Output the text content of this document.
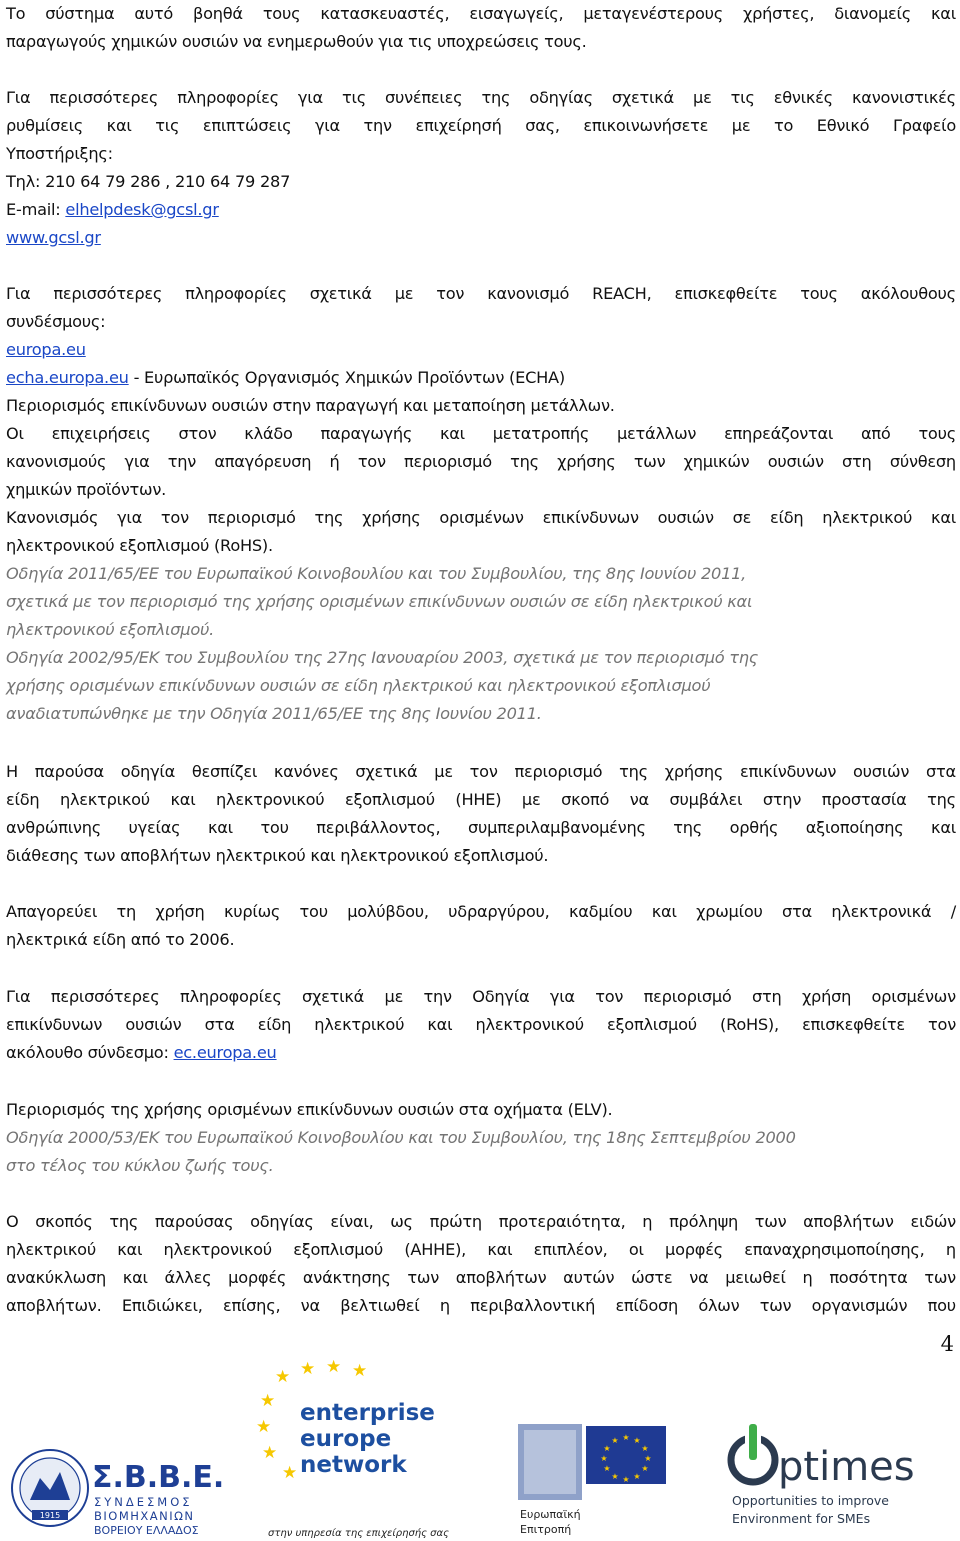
Το σύστημα αυτό βοηθά τους κατασκευαστές, εισαγωγείς, μεταγενέστερους χρήστες, διανομείς και
παραγωγούς χημικών ουσιών να ενημερωθούν για τις υποχρεώσεις τους.
Για περισσότερες πληροφορίες για τις συνέπειες της οδηγίας σχετικά με τις εθνικές κανονιστικές
ρυθμίσεις και τις επιπτώσεις για την επιχείρησή σας, επικοινωνήσετε με το Εθνικό Γραφείο
Υποστήριξης:
Τηλ: 210 64 79 286 , 210 64 79 287
E-mail: elhelpdesk@gcsl.gr
www.gcsl.gr
Για περισσότερες πληροφορίες σχετικά με τον κανονισμό REACH, επισκεφθείτε τους ακόλουθους
συνδέσμους:
europa.eu
echa.europa.eu - Ευρωπαϊκός Οργανισμός Χημικών Προϊόντων (ECHA)
Περιορισμός επικίνδυνων ουσιών στην παραγωγή και μεταποίηση μετάλλων.
Οι επιχειρήσεις στον κλάδο παραγωγής και μετατροπής μετάλλων επηρεάζονται από τους
κανονισμούς για την απαγόρευση ή τον περιορισμό της χρήσης των χημικών ουσιών στη σύνθεση
χημικών προϊόντων.
Κανονισμός για τον περιορισμό της χρήσης ορισμένων επικίνδυνων ουσιών σε είδη ηλεκτρικού και
ηλεκτρονικού εξοπλισμού (RoHS).
Οδηγία 2011/65/ΕΕ του Ευρωπαϊκού Κοινοβουλίου και του Συμβουλίου, της 8ης Ιουνίου 2011,
σχετικά με τον περιορισμό της χρήσης ορισμένων επικίνδυνων ουσιών σε είδη ηλεκτρικού και
ηλεκτρονικού εξοπλισμού.
Οδηγία 2002/95/ΕΚ του Συμβουλίου της 27ης Ιανουαρίου 2003, σχετικά με τον περιορισμό της
χρήσης ορισμένων επικίνδυνων ουσιών σε είδη ηλεκτρικού και ηλεκτρονικού εξοπλισμού
αναδιατυπώνθηκε με την Οδηγία 2011/65/ΕΕ της 8ης Ιουνίου 2011.
Η παρούσα οδηγία θεσπίζει κανόνες σχετικά με τον περιορισμό της χρήσης επικίνδυνων ουσιών στα
είδη ηλεκτρικού και ηλεκτρονικού εξοπλισμού (ΗΗΕ) με σκοπό να συμβάλει στην προστασία της
ανθρώπινης υγείας και του περιβάλλοντος, συμπεριλαμβανομένης της ορθής αξιοποίησης και
διάθεσης των αποβλήτων ηλεκτρικού και ηλεκτρονικού εξοπλισμού.
Απαγορεύει τη χρήση κυρίως του μολύβδου, υδραργύρου, καδμίου και χρωμίου στα ηλεκτρονικά /
ηλεκτρικά είδη από το 2006.
Για περισσότερες πληροφορίες σχετικά με την Οδηγία για τον περιορισμό στη χρήση ορισμένων
επικίνδυνων ουσιών στα είδη ηλεκτρικού και ηλεκτρονικού εξοπλισμού (RoHS), επισκεφθείτε τον
ακόλουθο σύνδεσμο: ec.europa.eu
Περιορισμός της χρήσης ορισμένων επικίνδυνων ουσιών στα οχήματα (ELV).
Οδηγία 2000/53/ΕΚ του Ευρωπαϊκού Κοινοβουλίου και του Συμβουλίου, της 18ης Σεπτεμβρίου 2000
στο τέλος του κύκλου ζωής τους.
Ο σκοπός της παρούσας οδηγίας είναι, ως πρώτη προτεραιότητα, η πρόληψη των αποβλήτων ειδών
ηλεκτρικού και ηλεκτρονικού εξοπλισμού (ΑΗΗΕ), και επιπλέον, οι μορφές επαναχρησιμοποίησης, η
ανακύκλωση και άλλες μορφές ανάκτησης των αποβλήτων αυτών ώστε να μειωθεί η ποσότητα των
αποβλήτων. Επιδιώκει, επίσης, να βελτιωθεί η περιβαλλοντική επίδοση όλων των οργανισμών που
4
1915
Σ.Β.Β.Ε.
ΣΥΝΔΕΣΜΟΣ
ΒΙΟΜΗΧΑΝΙΩΝ
ΒΟΡΕΙΟΥ ΕΛΛΑΔΟΣ
★ ★ ★ ★
★
★
★
★
enterprise
europe
network
στην υπηρεσία της επιχείρησής σας
★ ★
★
★
★
★
★
★
★
★
★
★
Ευρωπαϊκή
Επιτροπή
ptimes
Opportunities to improve
Environment for SMEs
